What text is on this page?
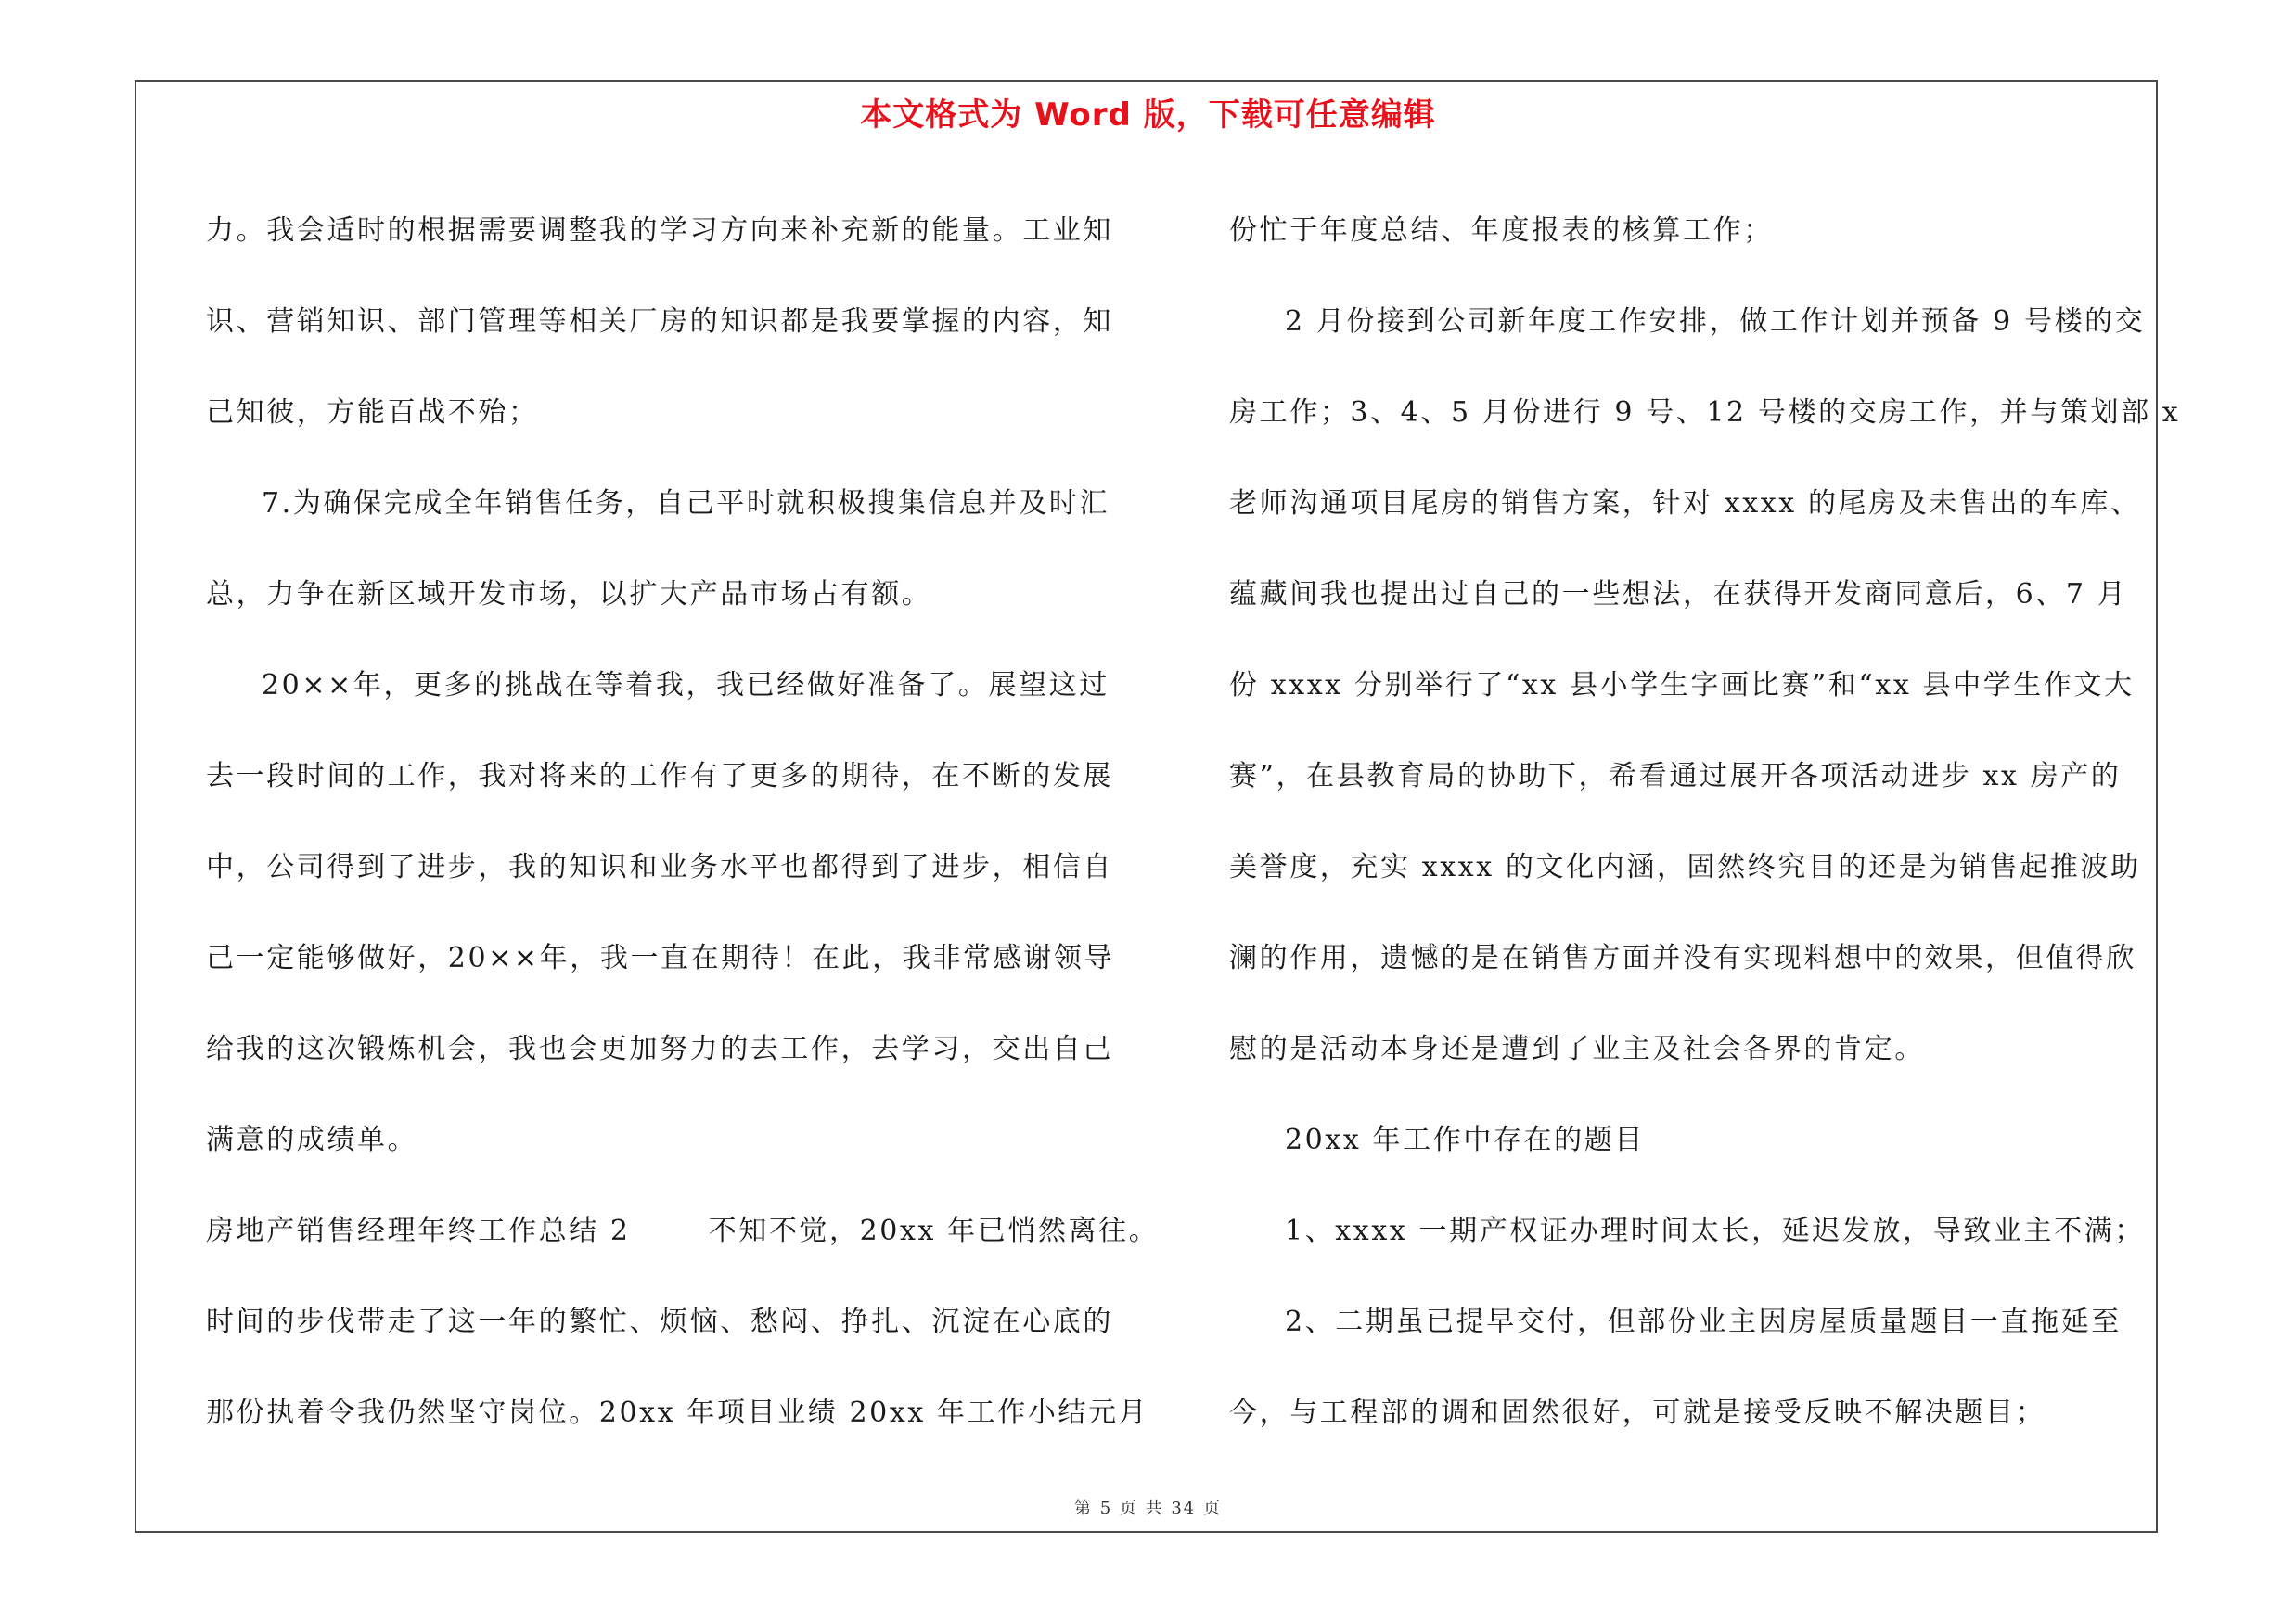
本文格式为 Word 版，下载可任意编辑
力。我会适时的根据需要调整我的学习方向来补充新的能量。工业知
识、营销知识、部门管理等相关厂房的知识都是我要掌握的内容，知
己知彼，方能百战不殆；
7.为确保完成全年销售任务，自己平时就积极搜集信息并及时汇
总，力争在新区域开发市场，以扩大产品市场占有额。
20××年，更多的挑战在等着我，我已经做好准备了。展望这过
去一段时间的工作，我对将来的工作有了更多的期待，在不断的发展
中，公司得到了进步，我的知识和业务水平也都得到了进步，相信自
己一定能够做好，20××年，我一直在期待！在此，我非常感谢领导
给我的这次锻炼机会，我也会更加努力的去工作，去学习，交出自己
满意的成绩单。
房地产销售经理年终工作总结 2	不知不觉，20xx 年已悄然离往。
时间的步伐带走了这一年的繁忙、烦恼、愁闷、挣扎、沉淀在心底的
那份执着令我仍然坚守岗位。20xx 年项目业绩 20xx 年工作小结元月
份忙于年度总结、年度报表的核算工作；
2 月份接到公司新年度工作安排，做工作计划并预备 9 号楼的交
房工作；3、4、5 月份进行 9 号、12 号楼的交房工作，并与策划部 x
老师沟通项目尾房的销售方案，针对 xxxx 的尾房及未售出的车库、
蕴藏间我也提出过自己的一些想法，在获得开发商同意后，6、7 月
份 xxxx 分别举行了“xx 县小学生字画比赛”和“xx 县中学生作文大
赛”，在县教育局的协助下，希看通过展开各项活动进步 xx 房产的
美誉度，充实 xxxx 的文化内涵，固然终究目的还是为销售起推波助
澜的作用，遗憾的是在销售方面并没有实现料想中的效果，但值得欣
慰的是活动本身还是遭到了业主及社会各界的肯定。
20xx 年工作中存在的题目
1、xxxx 一期产权证办理时间太长，延迟发放，导致业主不满；
2、二期虽已提早交付，但部份业主因房屋质量题目一直拖延至
今，与工程部的调和固然很好，可就是接受反映不解决题目；
第 5 页 共 34 页
